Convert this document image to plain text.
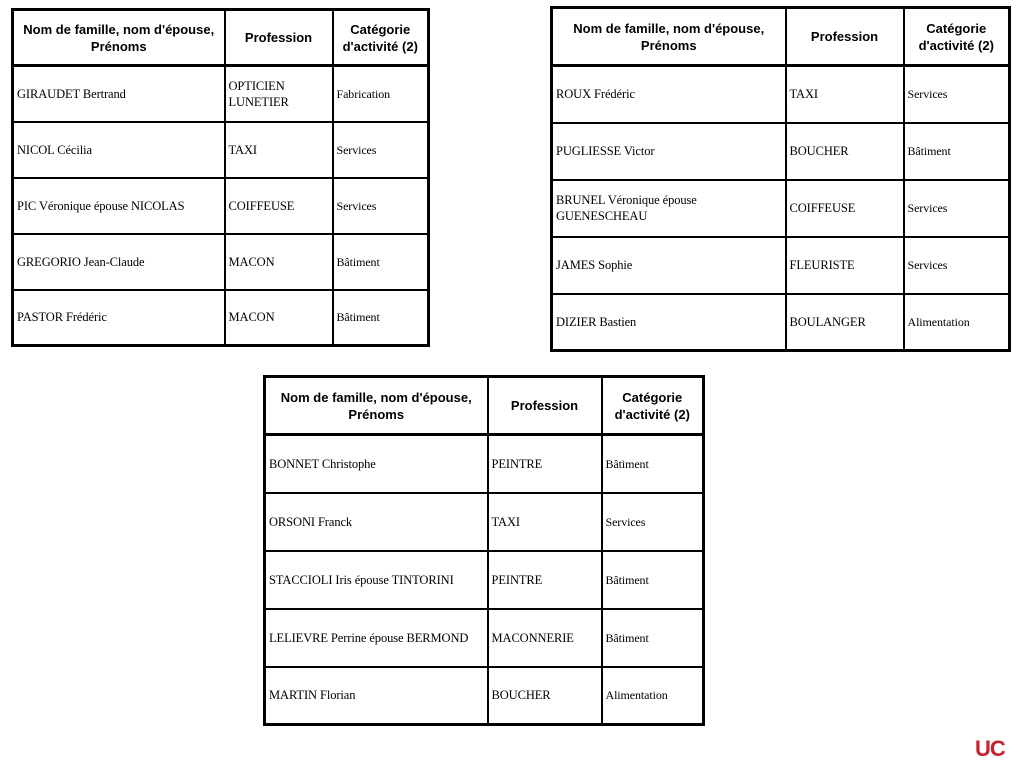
Nom de famille, nom d'épouse, Prénoms	Profession	Catégorie d'activité (2)
GIRAUDET Bertrand	OPTICIEN LUNETIER	Fabrication
NICOL Cécilia	TAXI	Services
PIC Véronique épouse NICOLAS	COIFFEUSE	Services
GREGORIO Jean-Claude	MACON	Bâtiment
PASTOR Frédéric	MACON	Bâtiment
Nom de famille, nom d'épouse, Prénoms	Profession	Catégorie d'activité (2)
ROUX Frédéric	TAXI	Services
PUGLIESSE Victor	BOUCHER	Bâtiment
BRUNEL Véronique épouse GUENESCHEAU	COIFFEUSE	Services
JAMES Sophie	FLEURISTE	Services
DIZIER Bastien	BOULANGER	Alimentation
Nom de famille, nom d'épouse, Prénoms	Profession	Catégorie d'activité (2)
BONNET Christophe	PEINTRE	Bâtiment
ORSONI Franck	TAXI	Services
STACCIOLI Iris épouse TINTORINI	PEINTRE	Bâtiment
LELIEVRE Perrine épouse BERMOND	MACONNERIE	Bâtiment
MARTIN Florian	BOUCHER	Alimentation
UC
